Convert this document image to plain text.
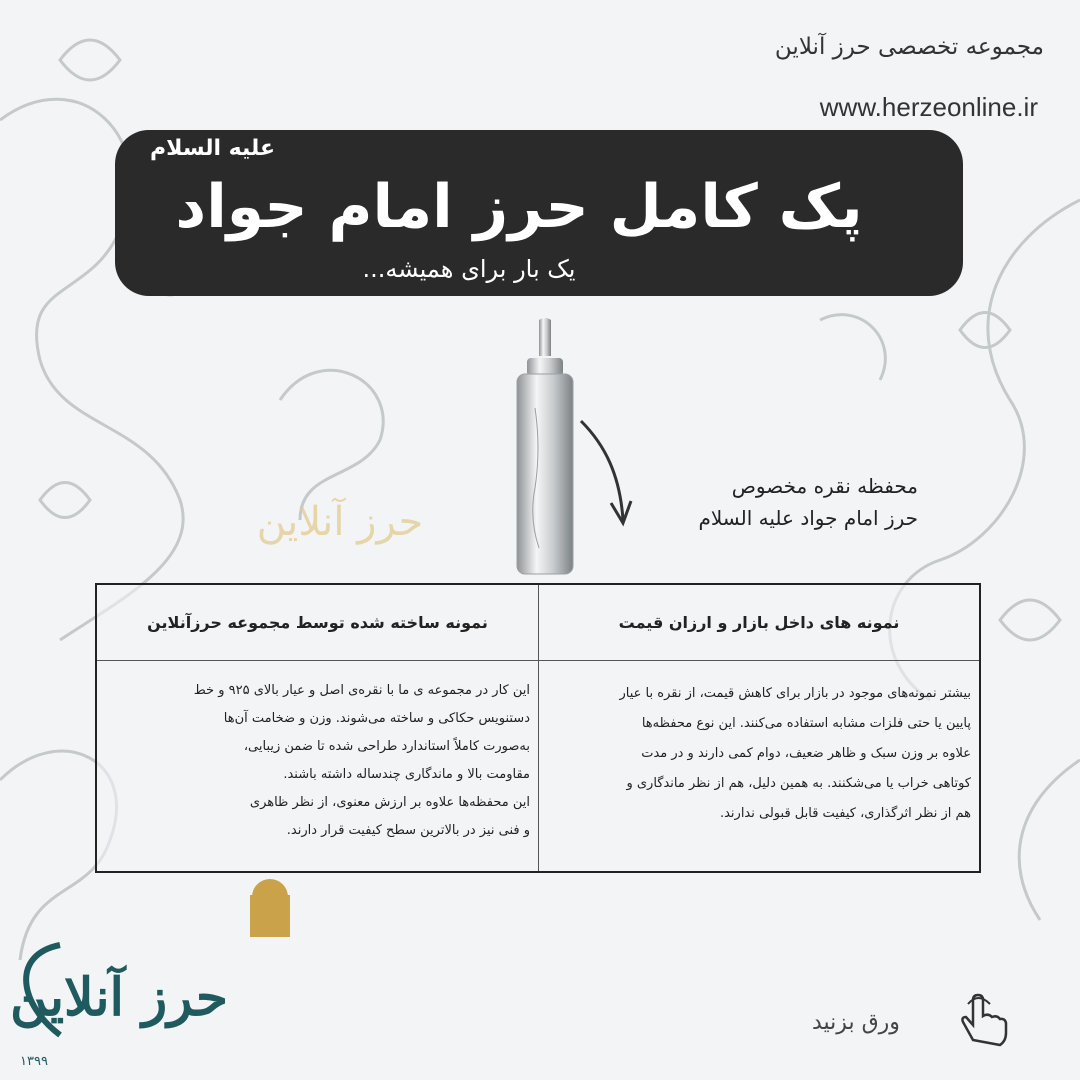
مجموعه تخصصی حرز آنلاین
www.herzeonline.ir
پک کامل حرز امام جواد
یک بار برای همیشه...
علیه السلام
حرز آنلاین
محفظه نقره مخصوص
حرز امام جواد علیه السلام
نمونه های داخل بازار و ارزان قیمت
نمونه ساخته شده توسط مجموعه حرزآنلاین
بیشتر نمونه‌های موجود در بازار برای کاهش قیمت، از نقره با عیار
پایین یا حتی فلزات مشابه استفاده می‌کنند. این نوع محفظه‌ها
علاوه بر وزن سبک و ظاهر ضعیف، دوام کمی دارند و در مدت
کوتاهی خراب یا می‌شکنند. به همین دلیل، هم از نظر ماندگاری و
هم از نظر اثرگذاری، کیفیت قابل قبولی ندارند.
این کار در مجموعه ی ما با نقره‌ی اصل و عیار بالای ۹۲۵ و خط
دستنویس حکاکی و ساخته می‌شوند. وزن و ضخامت آن‌ها
به‌صورت کاملاً استاندارد طراحی شده تا ضمن زیبایی،
مقاومت بالا و ماندگاری چندساله داشته باشند.
این محفظه‌ها علاوه بر ارزش معنوی، از نظر ظاهری
و فنی نیز در بالاترین سطح کیفیت قرار دارند.
حرز آنلاین
۱۳۹۹
ورق بزنید
